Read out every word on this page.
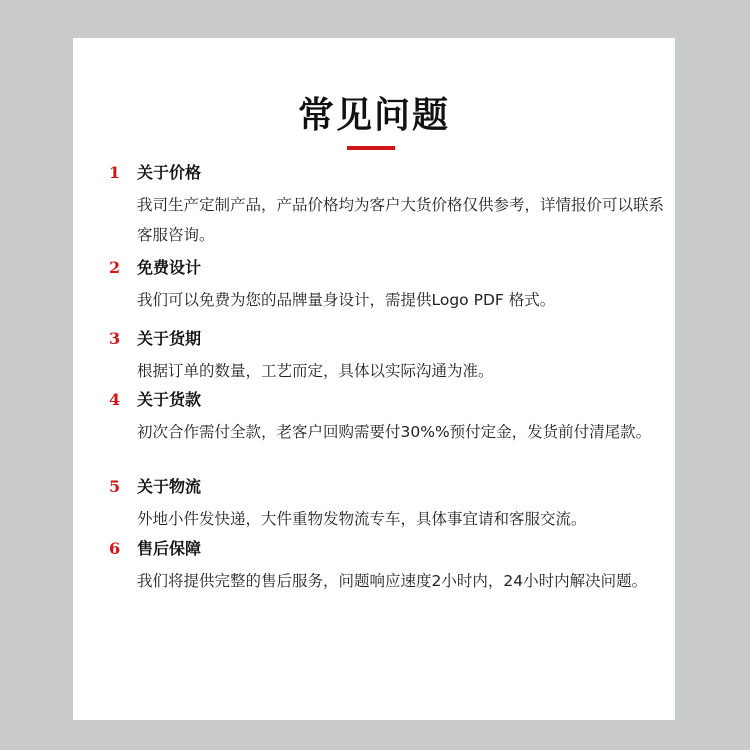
常见问题
1	关于价格
我司生产定制产品，产品价格均为客户大货价格仅供参考，详情报价可以联系客服咨询。
2	免费设计
我们可以免费为您的品牌量身设计，需提供Logo PDF 格式。
3	关于货期
根据订单的数量，工艺而定，具体以实际沟通为准。
4	关于货款
初次合作需付全款，老客户回购需要付30%%预付定金，发货前付清尾款。
5	关于物流
外地小件发快递，大件重物发物流专车，具体事宜请和客服交流。
6	售后保障
我们将提供完整的售后服务，问题响应速度2小时内，24小时内解决问题。
